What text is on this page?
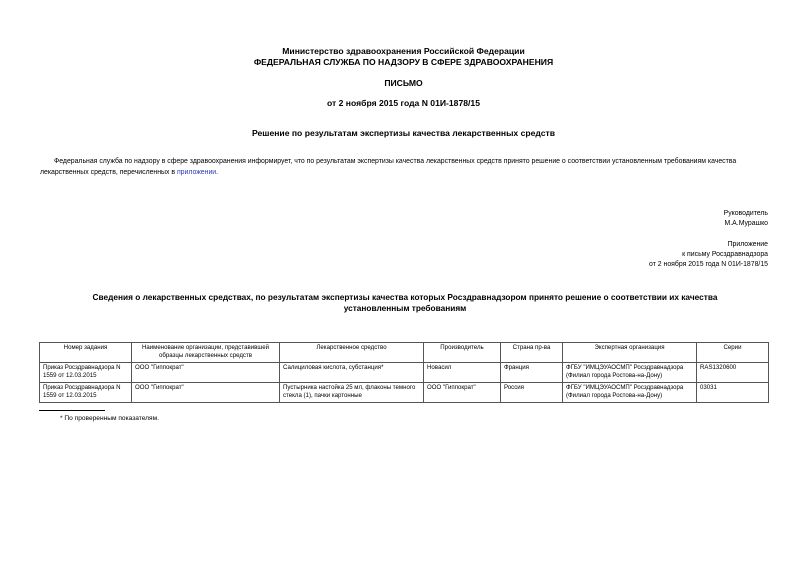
Министерство здравоохранения Российской Федерации
ФЕДЕРАЛЬНАЯ СЛУЖБА ПО НАДЗОРУ В СФЕРЕ ЗДРАВООХРАНЕНИЯ
ПИСЬМО
от 2 ноября 2015 года N 01И-1878/15
Решение по результатам экспертизы качества лекарственных средств
Федеральная служба по надзору в сфере здравоохранения информирует, что по результатам экспертизы качества лекарственных средств принято решение о соответствии установленным требованиям качества лекарственных средств, перечисленных в приложении.
Руководитель
М.А.Мурашко
Приложение
к письму Росздравнадзора
от 2 ноября 2015 года N 01И-1878/15
Сведения о лекарственных средствах, по результатам экспертизы качества которых Росздравнадзором принято решение о соответствии их качества установленным требованиям
Номер задания	Наименование организации, представившей образцы лекарственных средств	Лекарственное средство	Производитель	Страна пр-ва	Экспертная организация	Серии
Приказ Росздравнадзора N 1559 от 12.03.2015	ООО "Гиппократ"	Салициловая кислота, субстанция*	Новасил	Франция	ФГБУ "ИМЦЭУАОСМП" Росздравнадзора (Филиал города Ростова-на-Дону)	RAS1320600
Приказ Росздравнадзора N 1559 от 12.03.2015	ООО "Гиппократ"	Пустырника настойка 25 мл, флаконы темного стекла (1), пачки картонные	ООО "Гиппократ"	Россия	ФГБУ "ИМЦЭУАОСМП" Росздравнадзора (Филиал города Ростова-на-Дону)	03031
* По проверенным показателям.
